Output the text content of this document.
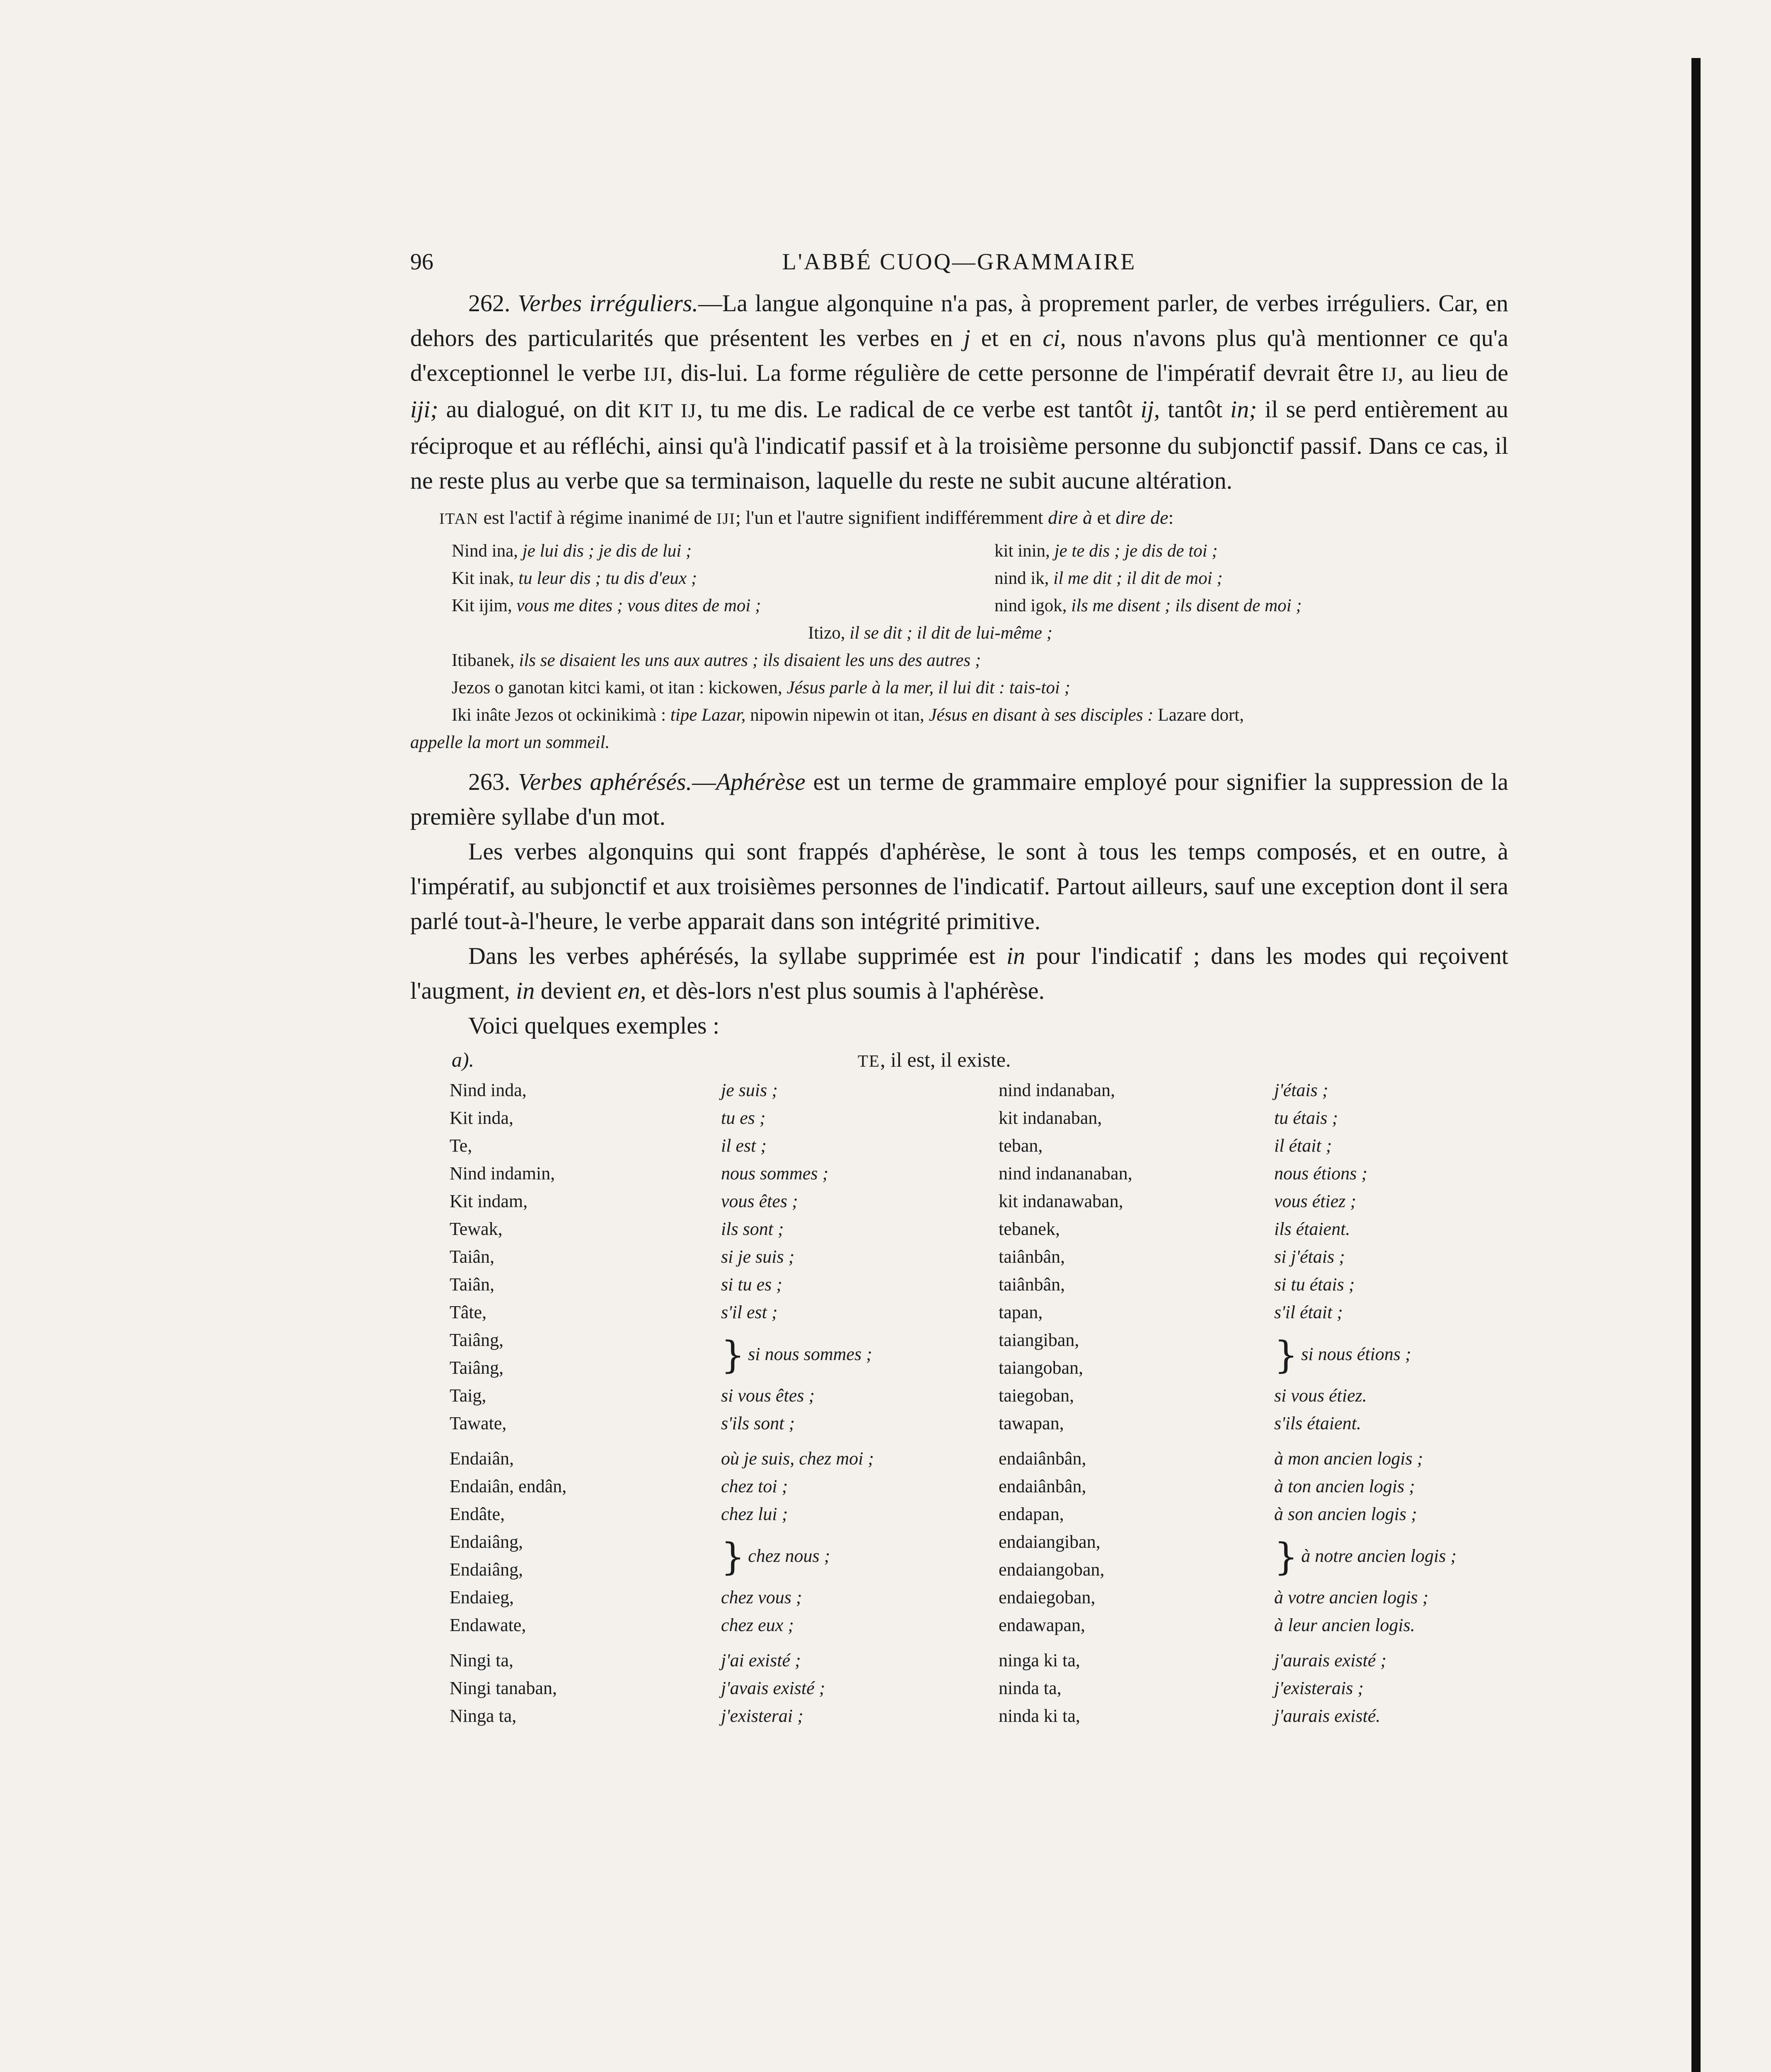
96	L'ABBÉ CUOQ—GRAMMAIRE

262. Verbes irréguliers.—La langue algonquine n'a pas, à proprement parler, de verbes irréguliers. Car, en dehors des particularités que présentent les verbes en j et en ci, nous n'avons plus qu'à mentionner ce qu'a d'exceptionnel le verbe IJI, dis-lui. La forme régulière de cette personne de l'impératif devrait être IJ, au lieu de iji; au dialogué, on dit KIT IJ, tu me dis. Le radical de ce verbe est tantôt ij, tantôt in; il se perd entièrement au réciproque et au réfléchi, ainsi qu'à l'indicatif passif et à la troisième personne du subjonctif passif. Dans ce cas, il ne reste plus au verbe que sa terminaison, laquelle du reste ne subit aucune altération.

ITAN est l'actif à régime inanimé de IJI; l'un et l'autre signifient indifféremment dire à et dire de:

Nind ina, je lui dis ; je dis de lui ;	kit inin, je te dis ; je dis de toi ;
Kit inak, tu leur dis ; tu dis d'eux ;	nind ik, il me dit ; il dit de moi ;
Kit ijim, vous me dites ; vous dites de moi ;	nind igok, ils me disent ; ils disent de moi ;
Itizo, il se dit ; il dit de lui-même ;
Itibanek, ils se disaient les uns aux autres ; ils disaient les uns des autres ;
Jezos o ganotan kitci kami, ot itan : kickowen, Jésus parle à la mer, il lui dit : tais-toi ;
Iki inâte Jezos ot ockinikimà : tipe Lazar, nipowin nipewin ot itan, Jésus en disant à ses disciples : Lazare dort,
appelle la mort un sommeil.

263. Verbes aphérésés.—Aphérèse est un terme de grammaire employé pour signifier la suppression de la première syllabe d'un mot.

Les verbes algonquins qui sont frappés d'aphérèse, le sont à tous les temps composés, et en outre, à l'impératif, au subjonctif et aux troisièmes personnes de l'indicatif. Partout ailleurs, sauf une exception dont il sera parlé tout-à-l'heure, le verbe apparait dans son intégrité primitive.

Dans les verbes aphérésés, la syllabe supprimée est in pour l'indicatif ; dans les modes qui reçoivent l'augment, in devient en, et dès-lors n'est plus soumis à l'aphérèse.

Voici quelques exemples :

a).	TE, il est, il existe.
Nind inda,	je suis ;	nind indanaban,	j'étais ;
Kit inda,	tu es ;	kit indanaban,	tu étais ;
Te,	il est ;	teban,	il était ;
Nind indamin,	nous sommes ;	nind indananaban,	nous étions ;
Kit indam,	vous êtes ;	kit indanawaban,	vous étiez ;
Tewak,	ils sont ;	tebanek,	ils étaient.
Taiân,	si je suis ;	taiânbân,	si j'étais ;
Taiân,	si tu es ;	taiânbân,	si tu étais ;
Tâte,	s'il est ;	tapan,	s'il était ;
Taiâng,	} si nous sommes ;	taiangiban,	} si nous étions ;
Taiâng,		taiangoban,	
Taig,	si vous êtes ;	taiegoban,	si vous étiez.
Tawate,	s'ils sont ;	tawapan,	s'ils étaient.
Endaiân,	où je suis, chez moi ;	endaiânbân,	à mon ancien logis ;
Endaiân, endân,	chez toi ;	endaiânbân,	à ton ancien logis ;
Endâte,	chez lui ;	endapan,	à son ancien logis ;
Endaiâng,	} chez nous ;	endaiangiban,	} à notre ancien logis ;
Endaiâng,		endaiangoban,	
Endaieg,	chez vous ;	endaiegoban,	à votre ancien logis ;
Endawate,	chez eux ;	endawapan,	à leur ancien logis.
Ningi ta,	j'ai existé ;	ninga ki ta,	j'aurais existé ;
Ningi tanaban,	j'avais existé ;	ninda ta,	j'existerais ;
Ninga ta,	j'existerai ;	ninda ki ta,	j'aurais existé.
